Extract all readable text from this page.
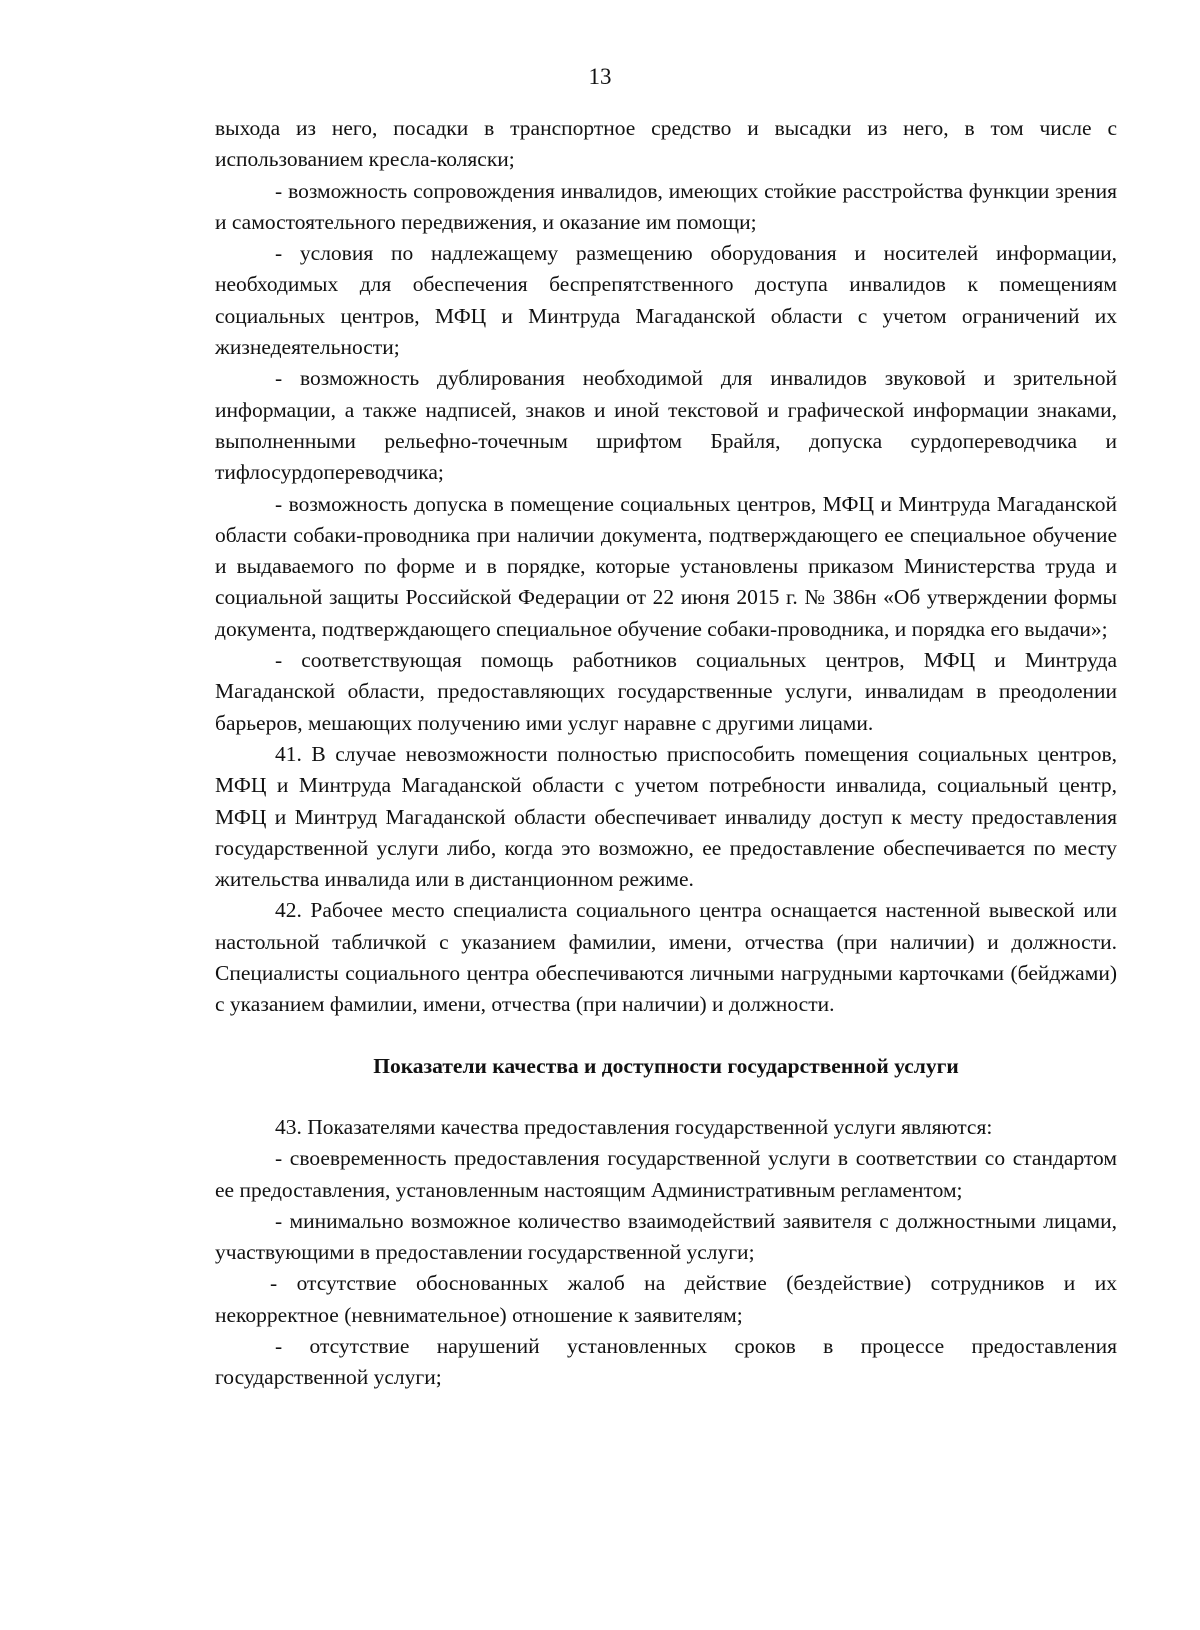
13

выхода из него, посадки в транспортное средство и высадки из него, в том числе с использованием кресла-коляски;

- возможность сопровождения инвалидов, имеющих стойкие расстройства функции зрения и самостоятельного передвижения, и оказание им помощи;

- условия по надлежащему размещению оборудования и носителей информации, необходимых для обеспечения беспрепятственного доступа инвалидов к помещениям социальных центров, МФЦ и Минтруда Магаданской области с учетом ограничений их жизнедеятельности;

- возможность дублирования необходимой для инвалидов звуковой и зрительной информации, а также надписей, знаков и иной текстовой и графической информации знаками, выполненными рельефно-точечным шрифтом Брайля, допуска сурдопереводчика и тифлосурдопереводчика;

- возможность допуска в помещение социальных центров, МФЦ и Минтруда Магаданской области собаки-проводника при наличии документа, подтверждающего ее специальное обучение и выдаваемого по форме и в порядке, которые установлены приказом Министерства труда и социальной защиты Российской Федерации от 22 июня 2015 г. № 386н «Об утверждении формы документа, подтверждающего специальное обучение собаки-проводника, и порядка его выдачи»;

- соответствующая помощь работников социальных центров, МФЦ и Минтруда Магаданской области, предоставляющих государственные услуги, инвалидам в преодолении барьеров, мешающих получению ими услуг наравне с другими лицами.

41. В случае невозможности полностью приспособить помещения социальных центров, МФЦ и Минтруда Магаданской области с учетом потребности инвалида, социальный центр, МФЦ и Минтруд Магаданской области обеспечивает инвалиду доступ к месту предоставления государственной услуги либо, когда это возможно, ее предоставление обеспечивается по месту жительства инвалида или в дистанционном режиме.

42. Рабочее место специалиста социального центра оснащается настенной вывеской или настольной табличкой с указанием фамилии, имени, отчества (при наличии) и должности. Специалисты социального центра обеспечиваются личными нагрудными карточками (бейджами) с указанием фамилии, имени, отчества (при наличии) и должности.

Показатели качества и доступности государственной услуги

43. Показателями качества предоставления государственной услуги являются:

- своевременность предоставления государственной услуги в соответствии со стандартом ее предоставления, установленным настоящим Административным регламентом;

- минимально возможное количество взаимодействий заявителя с должностными лицами, участвующими в предоставлении государственной услуги;

- отсутствие обоснованных жалоб на действие (бездействие) сотрудников и их некорректное (невнимательное) отношение к заявителям;

- отсутствие нарушений установленных сроков в процессе предоставления государственной услуги;
